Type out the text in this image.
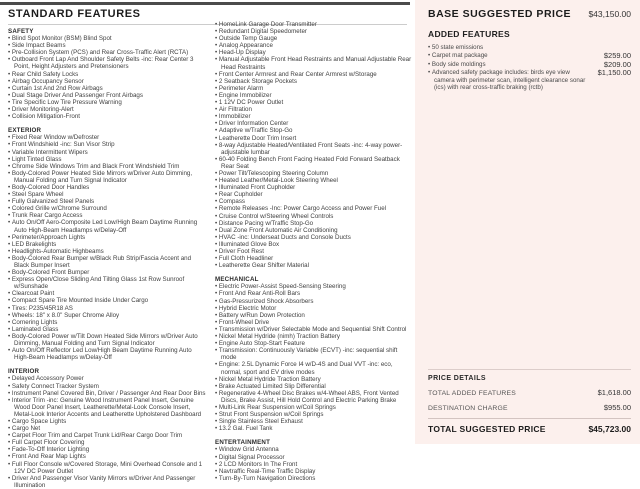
STANDARD FEATURES
SAFETY
• Blind Spot Monitor (BSM) Blind Spot
• Side Impact Beams
• Pre-Collision System (PCS) and Rear Cross-Traffic Alert (RCTA)
• Outboard Front Lap And Shoulder Safety Belts -inc: Rear Center 3 Point, Height Adjusters and Pretensioners
• Rear Child Safety Locks
• Airbag Occupancy Sensor
• Curtain 1st And 2nd Row Airbags
• Dual Stage Driver And Passenger Front Airbags
• Tire Specific Low Tire Pressure Warning
• Driver Monitoring-Alert
• Collision Mitigation-Front
EXTERIOR
• Fixed Rear Window w/Defroster
• Front Windshield -inc: Sun Visor Strip
• Variable Intermittent Wipers
• Light Tinted Glass
• Chrome Side Windows Trim and Black Front Windshield Trim
• Body-Colored Power Heated Side Mirrors w/Driver Auto Dimming, Manual Folding and Turn Signal Indicator
• Body-Colored Door Handles
• Steel Spare Wheel
• Fully Galvanized Steel Panels
• Colored Grille w/Chrome Surround
• Trunk Rear Cargo Access
• Auto On/Off Aero-Composite Led Low/High Beam Daytime Running Auto High-Beam Headlamps w/Delay-Off
• Perimeter/Approach Lights
• LED Brakelights
• Headlights-Automatic Highbeams
• Body-Colored Rear Bumper w/Black Rub Strip/Fascia Accent and Black Bumper Insert
• Body-Colored Front Bumper
• Express Open/Close Sliding And Tilting Glass 1st Row Sunroof w/Sunshade
• Clearcoat Paint
• Compact Spare Tire Mounted Inside Under Cargo
• Tires: P235/45R18 AS
• Wheels: 18" x 8.0" Super Chrome Alloy
• Cornering Lights
• Laminated Glass
• Body-Colored Power w/Tilt Down Heated Side Mirrors w/Driver Auto Dimming, Manual Folding and Turn Signal Indicator
• Auto On/Off Reflector Led Low/High Beam Daytime Running Auto High-Beam Headlamps w/Delay-Off
INTERIOR
• Delayed Accessory Power
• Safety Connect Tracker System
• Instrument Panel Covered Bin, Driver / Passenger And Rear Door Bins
• Interior Trim -inc: Genuine Wood Instrument Panel Insert, Genuine Wood Door Panel Insert, Leatherette/Metal-Look Console Insert, Metal-Look Interior Accents and Leatherette Upholstered Dashboard
• Cargo Space Lights
• Cargo Net
• Carpet Floor Trim and Carpet Trunk Lid/Rear Cargo Door Trim
• Full Carpet Floor Covering
• Fade-To-Off Interior Lighting
• Front And Rear Map Lights
• Full Floor Console w/Covered Storage, Mini Overhead Console and 1 12V DC Power Outlet
• Driver And Passenger Visor Vanity Mirrors w/Driver And Passenger Illumination
• HomeLink Garage Door Transmitter
• Redundant Digital Speedometer
• Outside Temp Gauge
• Analog Appearance
• Head-Up Display
• Manual Adjustable Front Head Restraints and Manual Adjustable Rear Head Restraints
• Front Center Armrest and Rear Center Armrest w/Storage
• 2 Seatback Storage Pockets
• Perimeter Alarm
• Engine Immobilizer
• 1 12V DC Power Outlet
• Air Filtration
• Immobilizer
• Driver Information Center
• Adaptive w/Traffic Stop-Go
• Leatherette Door Trim Insert
• 8-way Adjustable Heated/Ventilated Front Seats -inc: 4-way power-adjustable lumbar
• 60-40 Folding Bench Front Facing Heated Fold Forward Seatback Rear Seat
• Power Tilt/Telescoping Steering Column
• Heated Leather/Metal-Look Steering Wheel
• Illuminated Front Cupholder
• Rear Cupholder
• Compass
• Remote Releases -Inc: Power Cargo Access and Power Fuel
• Cruise Control w/Steering Wheel Controls
• Distance Pacing w/Traffic Stop-Go
• Dual Zone Front Automatic Air Conditioning
• HVAC -inc: Underseat Ducts and Console Ducts
• Illuminated Glove Box
• Driver Foot Rest
• Full Cloth Headliner
• Leatherette Gear Shifter Material
MECHANICAL
• Electric Power-Assist Speed-Sensing Steering
• Front And Rear Anti-Roll Bars
• Gas-Pressurized Shock Absorbers
• Hybrid Electric Motor
• Battery w/Run Down Protection
• Front-Wheel Drive
• Transmission w/Driver Selectable Mode and Sequential Shift Control
• Nickel Metal Hydride (nimh) Traction Battery
• Engine Auto Stop-Start Feature
• Transmission: Continuously Variable (ECVT) -inc: sequential shift mode
• Engine: 2.5L Dynamic Force I4 w/D-4S and Dual VVT -inc: eco, normal, sport and EV drive modes
• Nickel Metal Hydride Traction Battery
• Brake Actuated Limited Slip Differential
• Regenerative 4-Wheel Disc Brakes w/4-Wheel ABS, Front Vented Discs, Brake Assist, Hill Hold Control and Electric Parking Brake
• Multi-Link Rear Suspension w/Coil Springs
• Strut Front Suspension w/Coil Springs
• Single Stainless Steel Exhaust
• 13.2 Gal. Fuel Tank
ENTERTAINMENT
• Window Grid Antenna
• Digital Signal Processor
• 2 LCD Monitors In The Front
• Navtraffic Real-Time Traffic Display
• Turn-By-Turn Navigation Directions
BASE SUGGESTED PRICE $43,150.00
ADDED FEATURES
• 50 state emissions
• Carpet mat package	$259.00
• Body side moldings	$209.00
• Advanced safety package includes: birds eye view camera with perimeter scan, intelligent clearance sonar (ics) with rear cross-traffic braking (rctb)
$1,150.00
PRICE DETAILS
TOTAL ADDED FEATURES	$1,618.00
DESTINATION CHARGE	$955.00
TOTAL SUGGESTED PRICE	$45,723.00
